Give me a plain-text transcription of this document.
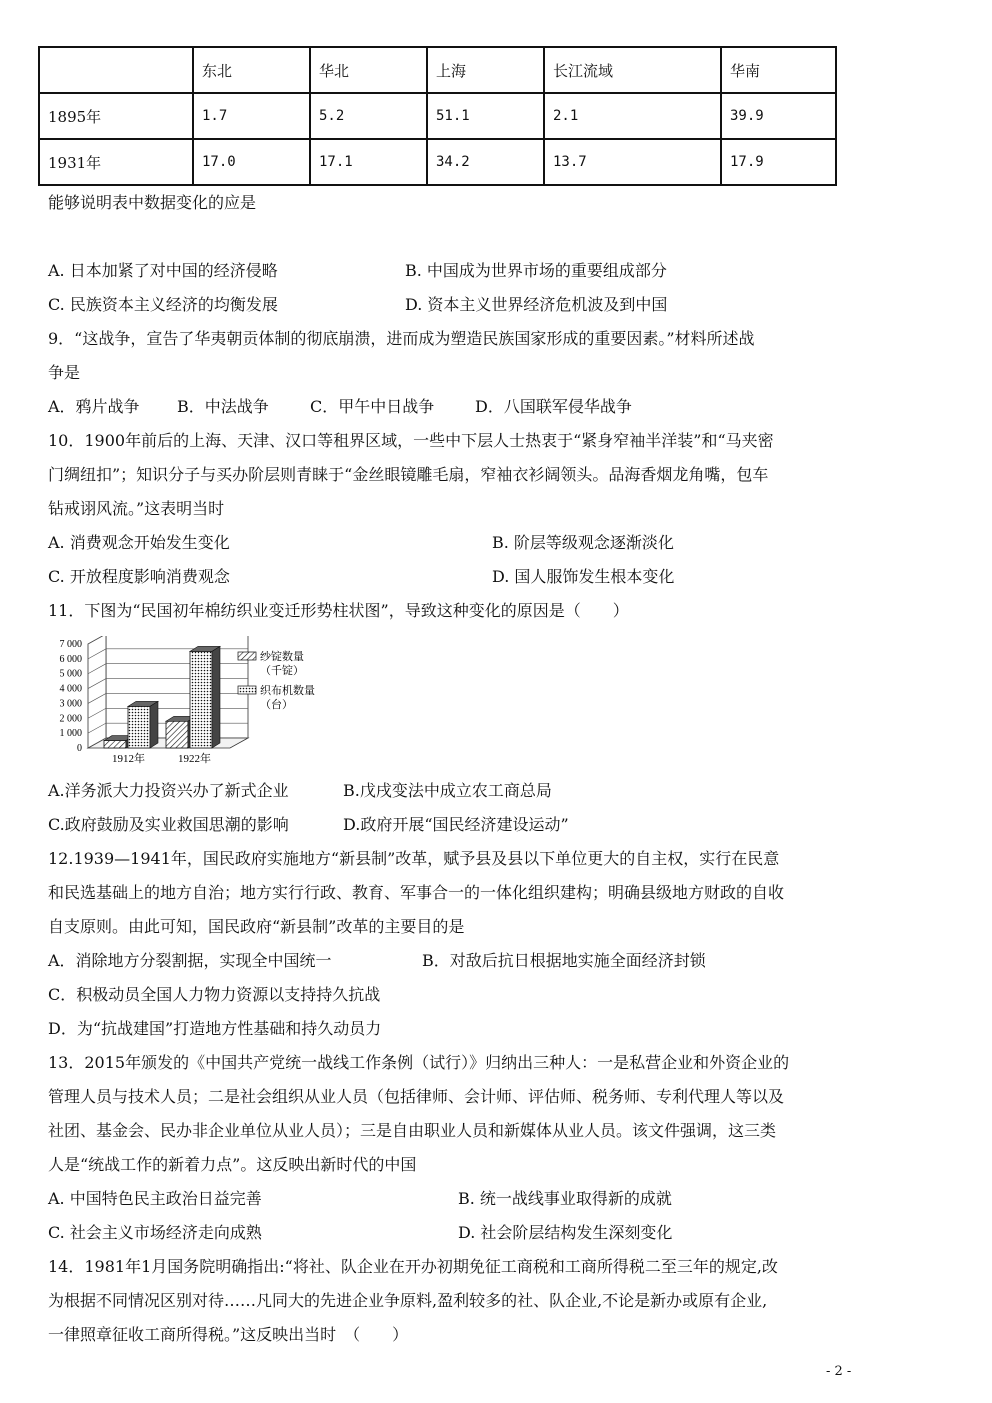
	东北	华北	上海	长江流域	华南
1895年	1.7	5.2	51.1	2.1	39.9
1931年	17.0	17.1	34.2	13.7	17.9
能够说明表中数据变化的应是
A. 日本加紧了对中国的经济侵略	B. 中国成为世界市场的重要组成部分
C. 民族资本主义经济的均衡发展	D. 资本主义世界经济危机波及到中国
9．“这战争，宣告了华夷朝贡体制的彻底崩溃，进而成为塑造民族国家形成的重要因素。”材料所述战
争是
A．鸦片战争 B．中法战争	C．甲午中日战争	D．八国联军侵华战争
10．1900年前后的上海、天津、汉口等租界区域，一些中下层人士热衷于“紧身窄袖半洋装”和“马夹密
门绸纽扣”；知识分子与买办阶层则青睐于“金丝眼镜雕毛扇，窄袖衣衫阔领头。品海香烟龙角嘴，包车
钻戒诩风流。”这表明当时
A. 消费观念开始发生变化	B. 阶层等级观念逐渐淡化
C. 开放程度影响消费观念	D. 国人服饰发生根本变化
11．下图为“民国初年棉纺织业变迁形势柱状图”，导致这种变化的原因是（　　）
7 000
6 000
5 000
4 000
3 000
2 000
1 000
0
1912年	1922年
纱锭数量
（千锭）
织布机数量
（台）
A.洋务派大力投资兴办了新式企业	B.戊戌变法中成立农工商总局
C.政府鼓励及实业救国思潮的影响	D.政府开展“国民经济建设运动”
12.1939—1941年，国民政府实施地方“新县制”改革，赋予县及县以下单位更大的自主权，实行在民意
和民选基础上的地方自治；地方实行行政、教育、军事合一的一体化组织建构；明确县级地方财政的自收
自支原则。由此可知，国民政府“新县制”改革的主要目的是
A．消除地方分裂割据，实现全中国统一	B．对敌后抗日根据地实施全面经济封锁
C．积极动员全国人力物力资源以支持持久抗战
D．为“抗战建国”打造地方性基础和持久动员力
13．2015年颁发的《中国共产党统一战线工作条例（试行）》归纳出三种人：一是私营企业和外资企业的
管理人员与技术人员；二是社会组织从业人员（包括律师、会计师、评估师、税务师、专利代理人等以及
社团、基金会、民办非企业单位从业人员）；三是自由职业人员和新媒体从业人员。该文件强调，这三类
人是“统战工作的新着力点”。这反映出新时代的中国
A. 中国特色民主政治日益完善	B. 统一战线事业取得新的成就
C. 社会主义市场经济走向成熟	D. 社会阶层结构发生深刻变化
14．1981年1月国务院明确指出:“将社、队企业在开办初期免征工商税和工商所得税二至三年的规定,改
为根据不同情况区别对待……凡同大的先进企业争原料,盈利较多的社、队企业,不论是新办或原有企业,
一律照章征收工商所得税。”这反映出当时　（　　）
- 2 -
